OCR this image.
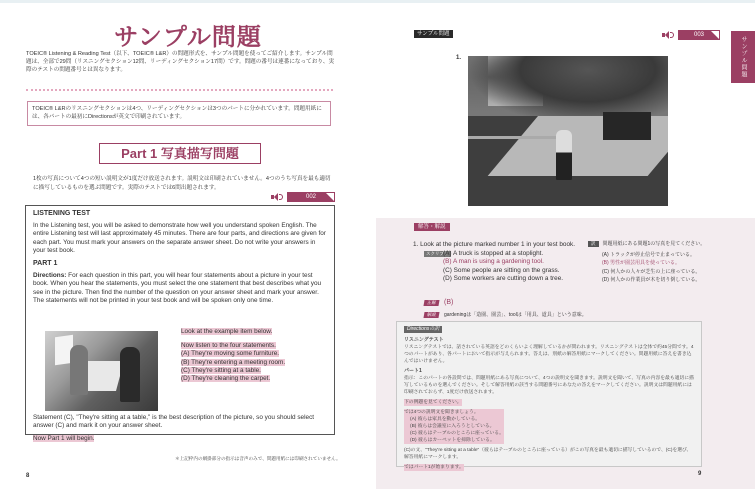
サンプル問題
TOEIC® Listening & Reading Test（以下、TOEIC® L&R）の問題形式を、サンプル問題を使ってご紹介します。サンプル問題は、全部で29問（リスニングセクション12問、リーディングセクション17問）です。問題の番号は連番になっており、実際のテストの問題番号とは異なります。
TOEIC® L&Rのリスニングセクションは4つ、リーディングセクションは3つのパートに分かれています。問題用紙には、各パートの最初にDirectionsが英文で印刷されています。
Part 1 写真描写問題
1枚の写真について4つの短い説明文が1度だけ放送されます。説明文は印刷されていません。4つのうち写真を最も適切に描写しているものを選ぶ問題です。実際のテストでは6問出題されます。
002
LISTENING TEST

In the Listening test, you will be asked to demonstrate how well you understand spoken English. The entire Listening test will last approximately 45 minutes. There are four parts, and directions are given for each part. You must mark your answers on the separate answer sheet. Do not write your answers in your test book.

PART 1

Directions: For each question in this part, you will hear four statements about a picture in your test book. When you hear the statements, you must select the one statement that best describes what you see in the picture. Then find the number of the question on your answer sheet and mark your answer. The statements will not be printed in your test book and will be spoken only one time.

Look at the example item below.
Now listen to the four statements.
(A) They're moving some furniture.
(B) They're entering a meeting room.
(C) They're sitting at a table.
(D) They're cleaning the carpet.

Statement (C), "They're sitting at a table," is the best description of the picture, so you should select answer (C) and mark it on your answer sheet.

Now Part 1 will begin.

＊上記枠内の網掛部分の指示は音声のみで、問題用紙には印刷されていません。
8
サンプル問題	003
サンプル問題
1.
解答・解説
1. Look at the picture marked number 1 in your test book.
スクリプト
(A) A truck is stopped at a stoplight.
(B) A man is using a gardening tool.
(C) Some people are sitting on the grass.
(D) Some workers are cutting down a tree.
訳	問題用紙にある問題1の写真を見てください。
(A) トラックが停止信号で止まっている。
(B) 男性が園芸用具を使っている。
(C) 何人かの人々が芝生の上に座っている。
(D) 何人かの作業員が木を切り倒している。
正解	(B)
解説	gardeningは「造園、園芸」、toolは「用具、道具」という意味。
Directionsの訳
リスニングテスト

リスニングテストでは、話されている英語をどのくらいよく理解しているかが問われます。リスニングテストは全体で約45分間です。4つのパートがあり、各パートにおいて指示が与えられます。答えは、別紙の解答用紙にマークしてください。問題用紙に答えを書き込んではいけません。

パート1

指示：このパートの各設問では、問題用紙にある写真について、4つの説明文を聞きます。説明文を聞いて、写真の内容を最も適切に描写しているものを選んでください。そして解答用紙の該当する問題番号にあなたの答えをマークしてください。説明文は問題用紙には印刷されておらず、1度だけ放送されます。

下の例題を見てください。

では4つの説明文を聞きましょう。
(A) 彼らは家具を動かしている。
(B) 彼らは会議室に入ろうとしている。
(C) 彼らはテーブルのところに座っている。
(D) 彼らはカーペットを掃除している。

(C)の文、"They're sitting at a table"（彼らはテーブルのところに座っている）がこの写真を最も適切に描写しているので、(C)を選び、解答用紙にマークします。

ではパート1が始まります。

9
